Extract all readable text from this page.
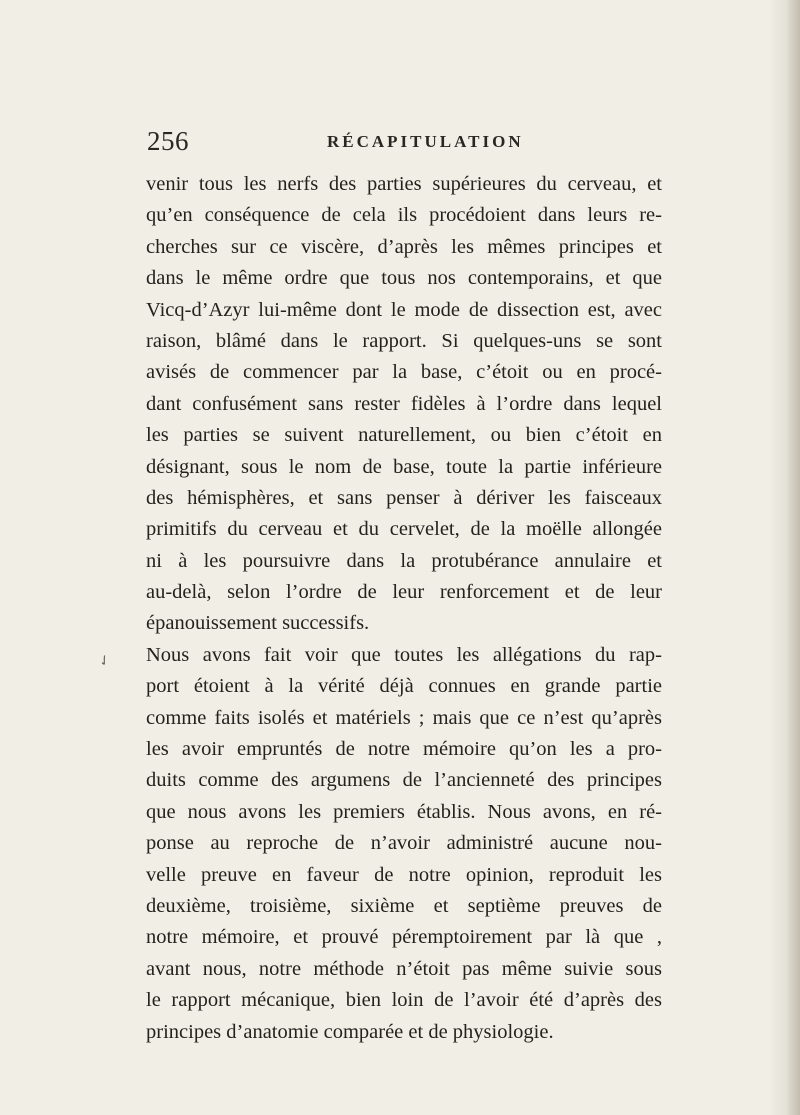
256	RÉCAPITULATION
✓
venir tous les nerfs des parties supérieures du cerveau, et
qu’en conséquence de cela ils procédoient dans leurs re-
cherches sur ce viscère, d’après les mêmes principes et
dans le même ordre que tous nos contemporains, et que
Vicq-d’Azyr lui-même dont le mode de dissection est, avec
raison, blâmé dans le rapport. Si quelques-uns se sont
avisés de commencer par la base, c’étoit ou en procé-
dant confusément sans rester fidèles à l’ordre dans lequel
les parties se suivent naturellement, ou bien c’étoit en
désignant, sous le nom de base, toute la partie inférieure
des hémisphères, et sans penser à dériver les faisceaux
primitifs du cerveau et du cervelet, de la moëlle allongée
ni à les poursuivre dans la protubérance annulaire et
au-delà, selon l’ordre de leur renforcement et de leur
épanouissement successifs.
Nous avons fait voir que toutes les allégations du rap-
port étoient à la vérité déjà connues en grande partie
comme faits isolés et matériels ; mais que ce n’est qu’après
les avoir empruntés de notre mémoire qu’on les a pro-
duits comme des argumens de l’ancienneté des principes
que nous avons les premiers établis. Nous avons, en ré-
ponse au reproche de n’avoir administré aucune nou-
velle preuve en faveur de notre opinion, reproduit les
deuxième, troisième, sixième et septième preuves de
notre mémoire, et prouvé péremptoirement par là que ,
avant nous, notre méthode n’étoit pas même suivie sous
le rapport mécanique, bien loin de l’avoir été d’après des
principes d’anatomie comparée et de physiologie.
